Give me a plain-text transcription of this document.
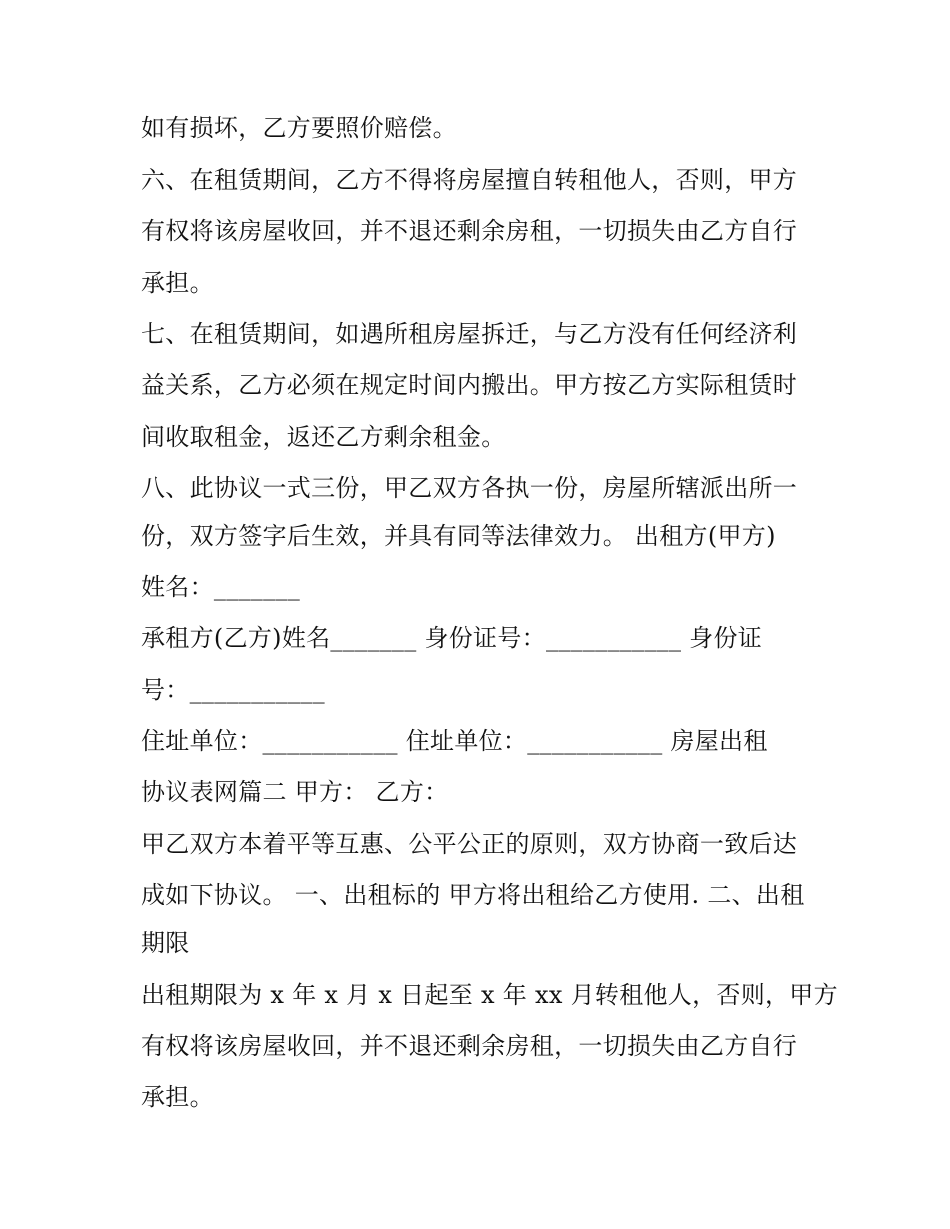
如有损坏，乙方要照价赔偿。
六、在租赁期间，乙方不得将房屋擅自转租他人，否则，甲方
有权将该房屋收回，并不退还剩余房租，一切损失由乙方自行
承担。
七、在租赁期间，如遇所租房屋拆迁，与乙方没有任何经济利
益关系，乙方必须在规定时间内搬出。甲方按乙方实际租赁时
间收取租金，返还乙方剩余租金。
八、此协议一式三份，甲乙双方各执一份，房屋所辖派出所一
份，双方签字后生效，并具有同等法律效力。 出租方(甲方)
姓名：_______
承租方(乙方)姓名_______ 身份证号：___________ 身份证
号：___________
住址单位：___________ 住址单位：___________ 房屋出租
协议表网篇二 甲方： 乙方：
甲乙双方本着平等互惠、公平公正的原则，双方协商一致后达
成如下协议。 一、出租标的 甲方将出租给乙方使用. 二、出租
期限
出租期限为 x 年 x 月 x 日起至 x 年 xx 月转租他人，否则，甲方
有权将该房屋收回，并不退还剩余房租，一切损失由乙方自行
承担。
